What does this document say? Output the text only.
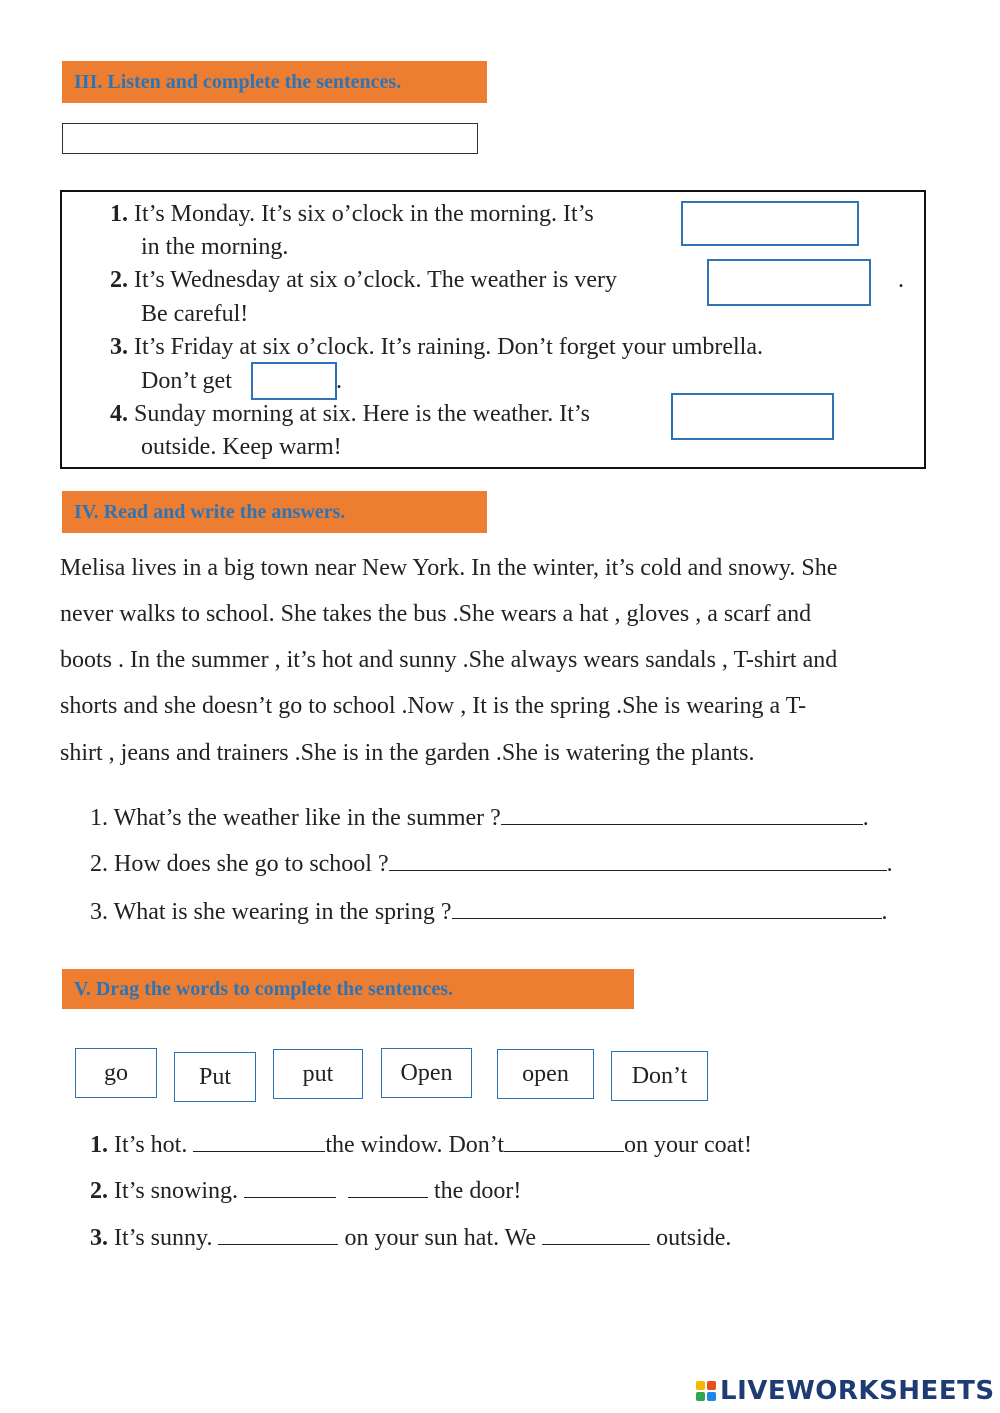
III. Listen and complete the sentences.
1. It’s Monday. It’s six o’clock in the morning. It’s
in the morning.
2. It’s Wednesday at six o’clock. The weather is very	.
Be careful!
3. It’s Friday at six o’clock. It’s raining. Don’t forget your umbrella.
Don’t get	.
4. Sunday morning at six. Here is the weather. It’s
outside. Keep warm!
IV. Read and write the answers.
Melisa lives in a big town near New York. In the winter, it’s cold and snowy. She
never walks to school. She takes the bus .She wears a hat , gloves , a scarf and
boots . In the summer , it’s hot and sunny .She always wears sandals , T-shirt and
shorts and she doesn’t go to school .Now , It is the spring .She is wearing a T-
shirt , jeans and trainers .She is in the garden .She is watering the plants.
1. What’s the weather like in the summer ?	.
2. How does she go to school ?	.
3. What is she wearing in the spring ?	.
V. Drag the words to complete the sentences.
go	Put	put	Open	open	Don’t
1. It’s hot.	the window. Don’t	on your coat!
2. It’s snowing.	the door!
3. It’s sunny.	on your sun hat. We	outside.
LIVEWORKSHEETS
